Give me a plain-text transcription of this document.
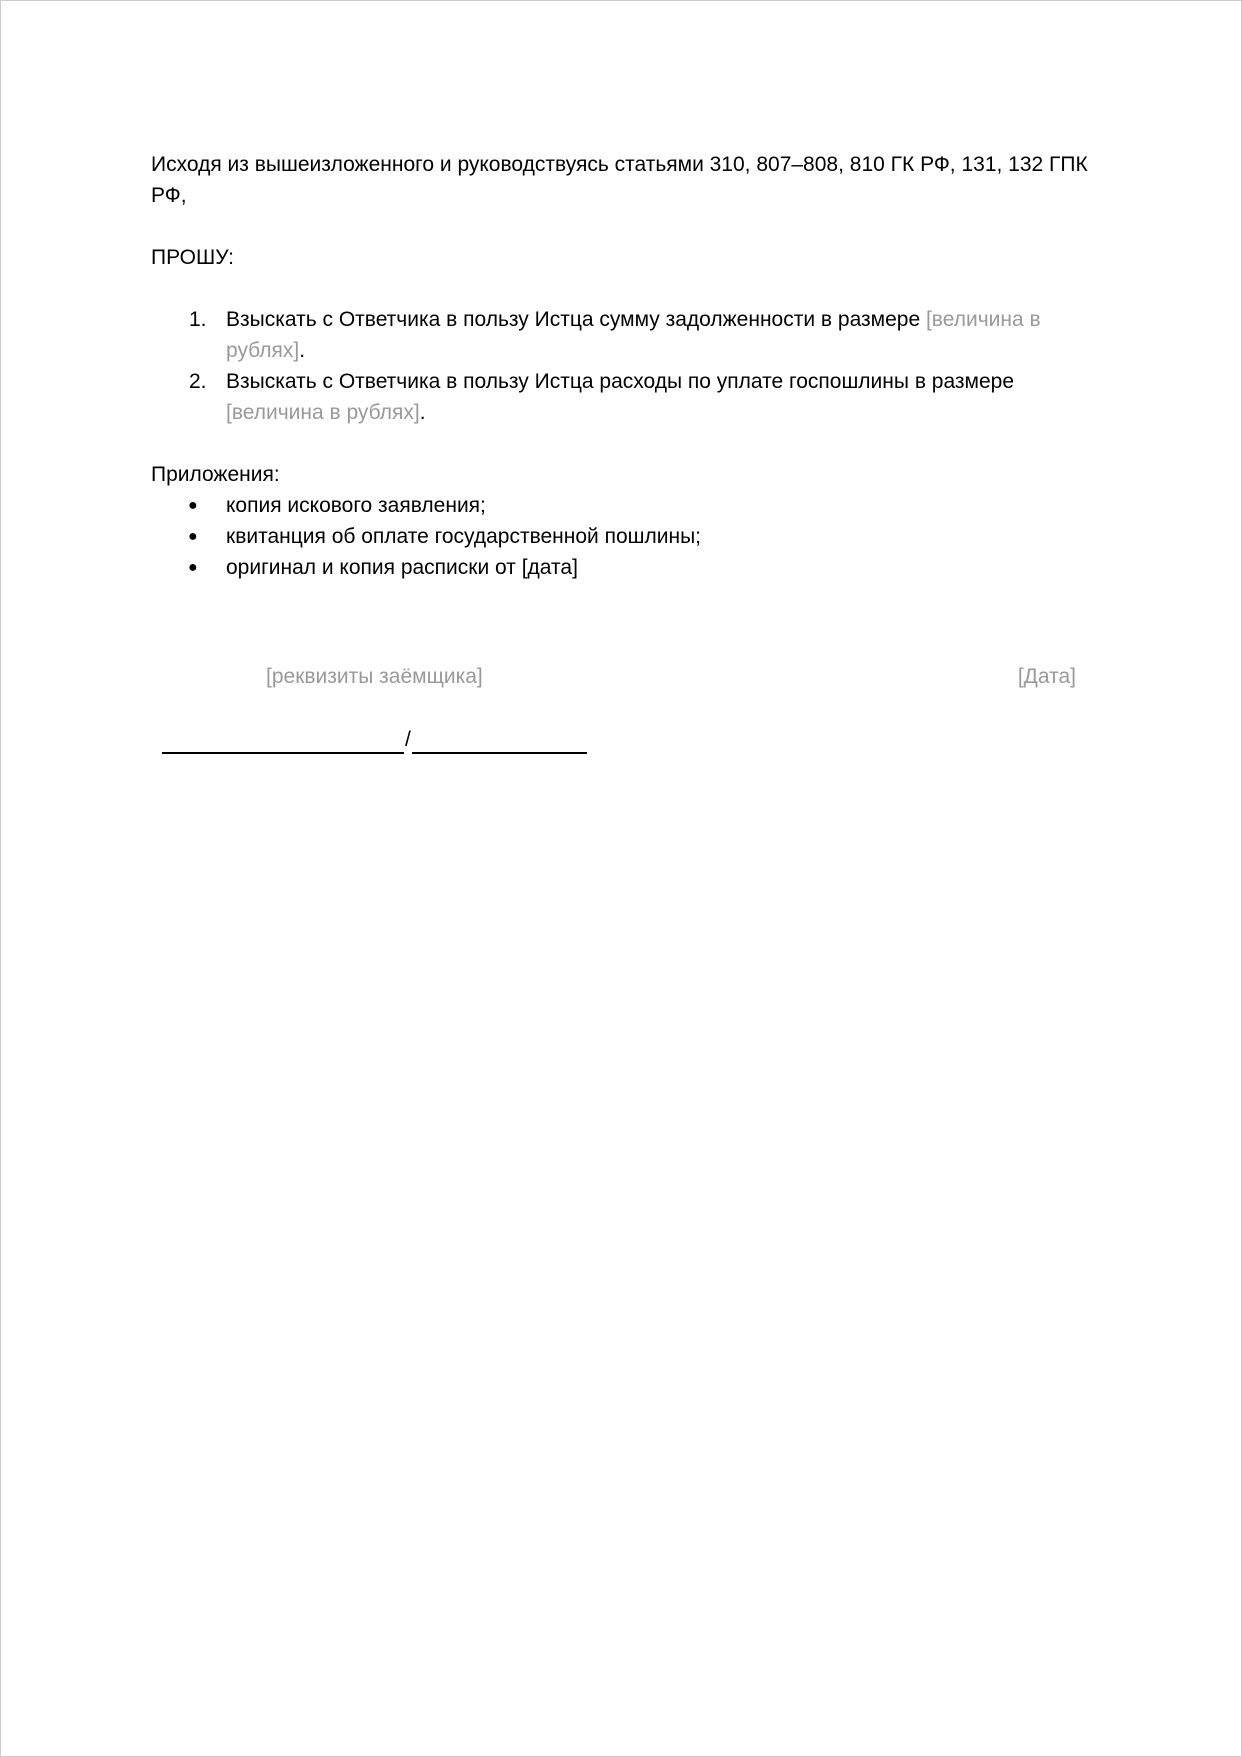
Исходя из вышеизложенного и руководствуясь статьями 310, 807–808, 810 ГК РФ, 131, 132 ГПК РФ,

ПРОШУ:

1. Взыскать с Ответчика в пользу Истца сумму задолженности в размере [величина в рублях].
2. Взыскать с Ответчика в пользу Истца расходы по уплате госпошлины в размере [величина в рублях].

Приложения:

● копия искового заявления;
● квитанция об оплате государственной пошлины;
● оригинал и копия расписки от [дата]
[реквизиты заёмщика]	[Дата]
/
